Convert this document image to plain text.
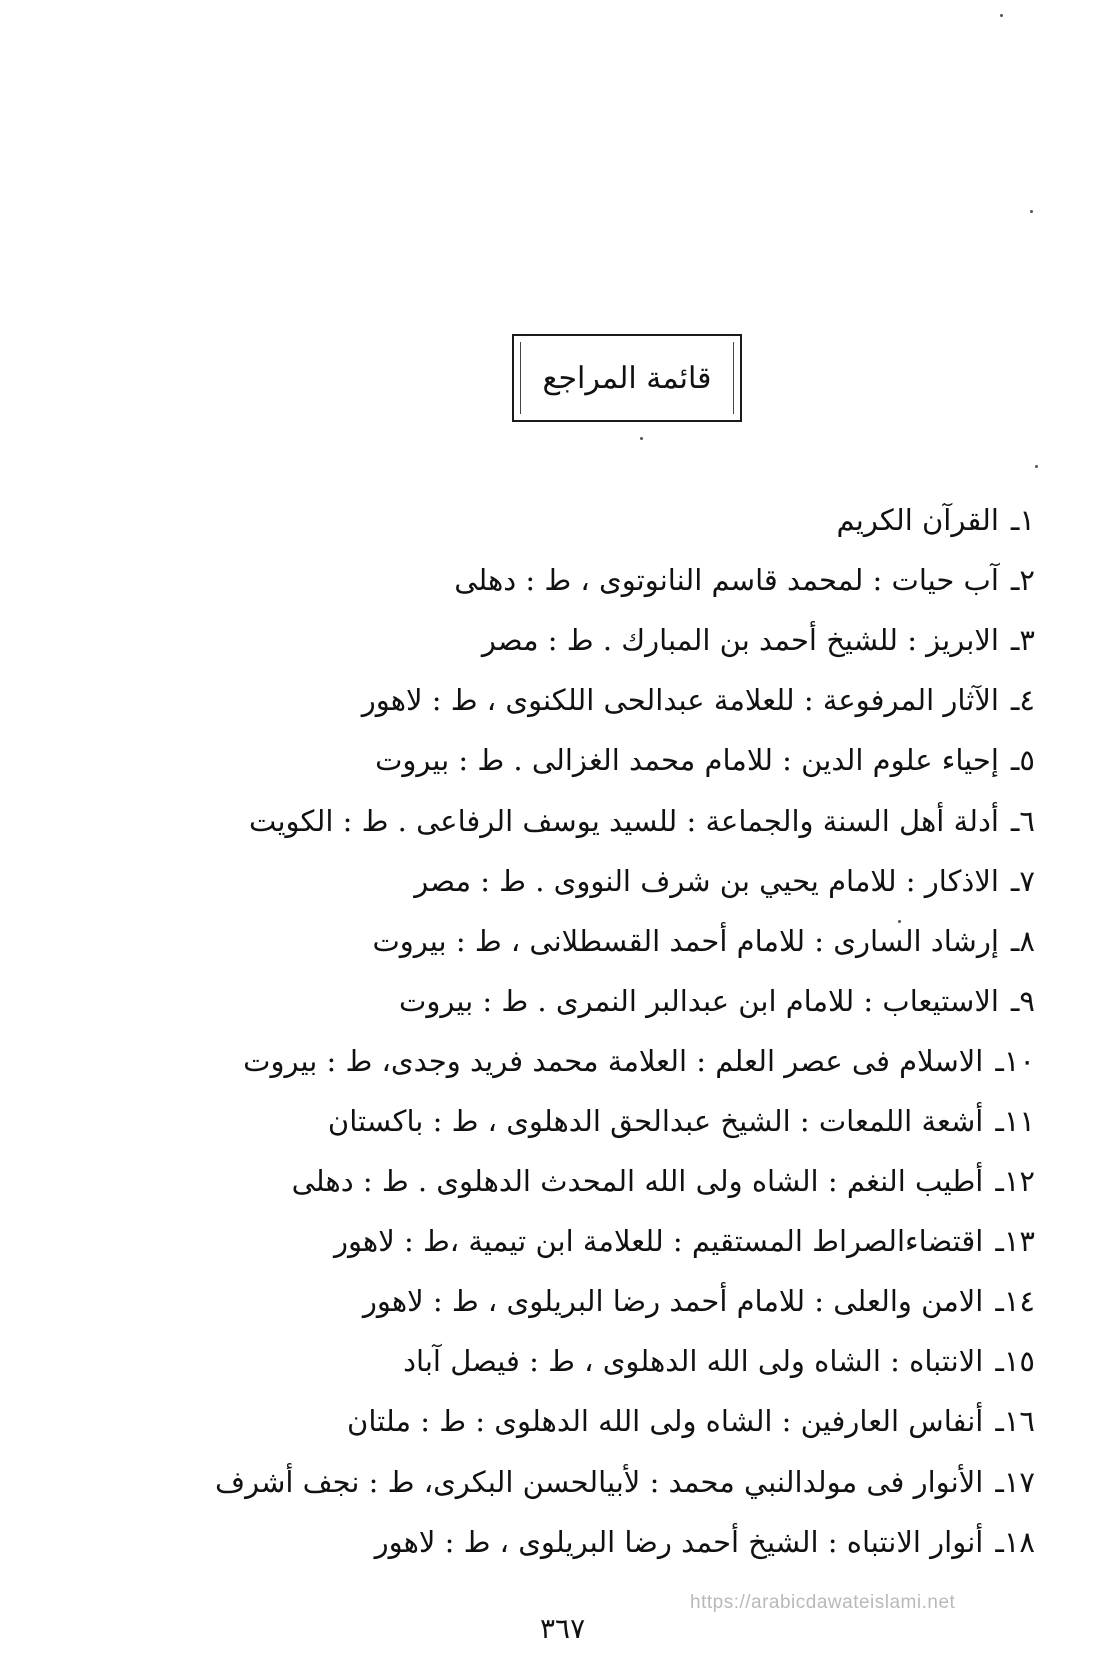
قائمة المراجع
١ـ
القرآن الكريم
٢ـ
آب حيات : لمحمد قاسم النانوتوى ، ط : دهلى
٣ـ
الابريز : للشيخ أحمد بن المبارك . ط : مصر
٤ـ
الآثار المرفوعة : للعلامة عبدالحى اللكنوى ، ط : لاهور
٥ـ
إحياء علوم الدين : للامام محمد الغزالى . ط : بيروت
٦ـ
أدلة أهل السنة والجماعة : للسيد يوسف الرفاعى . ط : الكويت
٧ـ
الاذكار : للامام يحيي بن شرف النووى . ط : مصر
٨ـ
إرشاد السارى : للامام أحمد القسطلانى ، ط : بيروت
٩ـ
الاستيعاب : للامام ابن عبدالبر النمرى . ط : بيروت
١٠ـ
الاسلام فى عصر العلم : العلامة محمد فريد وجدى، ط : بيروت
١١ـ
أشعة اللمعات : الشيخ عبدالحق الدهلوى ، ط : باكستان
١٢ـ
أطيب النغم : الشاه ولى الله المحدث الدهلوى . ط : دهلى
١٣ـ
اقتضاءالصراط المستقيم : للعلامة ابن تيمية ،ط : لاهور
١٤ـ
الامن والعلى : للامام أحمد رضا البريلوى ، ط : لاهور
١٥ـ
الانتباه : الشاه ولى الله الدهلوى ، ط : فيصل آباد
١٦ـ
أنفاس العارفين : الشاه ولى الله الدهلوى : ط : ملتان
١٧ـ
الأنوار فى مولدالنبي محمد : لأبيالحسن البكرى، ط : نجف أشرف
١٨ـ
أنوار الانتباه : الشيخ أحمد رضا البريلوى ، ط : لاهور
https://arabicdawateislami.net
٣٦٧
